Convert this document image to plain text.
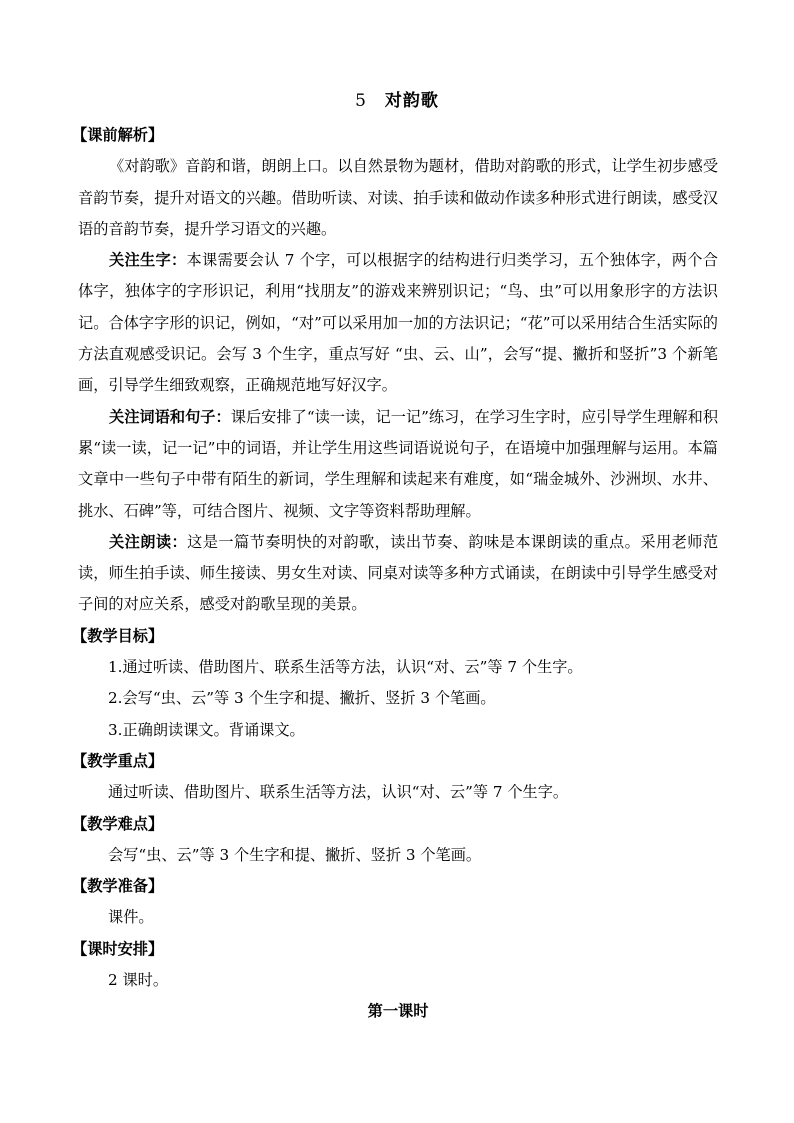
5 对韵歌
【课前解析】
《对韵歌》音韵和谐，朗朗上口。以自然景物为题材，借助对韵歌的形式，让学生初步感受音韵节奏，提升对语文的兴趣。借助听读、对读、拍手读和做动作读多种形式进行朗读，感受汉语的音韵节奏，提升学习语文的兴趣。
关注生字：本课需要会认 7 个字，可以根据字的结构进行归类学习，五个独体字，两个合体字，独体字的字形识记，利用“找朋友”的游戏来辨别识记；“鸟、虫”可以用象形字的方法识记。合体字字形的识记，例如，“对”可以采用加一加的方法识记；“花”可以采用结合生活实际的方法直观感受识记。会写 3 个生字，重点写好 “虫、云、山”，会写“提、撇折和竖折”3 个新笔画，引导学生细致观察，正确规范地写好汉字。
关注词语和句子：课后安排了“读一读，记一记”练习，在学习生字时，应引导学生理解和积累“读一读，记一记”中的词语，并让学生用这些词语说说句子，在语境中加强理解与运用。本篇文章中一些句子中带有陌生的新词，学生理解和读起来有难度，如“瑞金城外、沙洲坝、水井、挑水、石碑”等，可结合图片、视频、文字等资料帮助理解。
关注朗读：这是一篇节奏明快的对韵歌，读出节奏、韵味是本课朗读的重点。采用老师范读，师生拍手读、师生接读、男女生对读、同桌对读等多种方式诵读，在朗读中引导学生感受对子间的对应关系，感受对韵歌呈现的美景。
【教学目标】
1.通过听读、借助图片、联系生活等方法，认识“对、云”等 7 个生字。
2.会写“虫、云”等 3 个生字和提、撇折、竖折 3 个笔画。
3.正确朗读课文。背诵课文。
【教学重点】
通过听读、借助图片、联系生活等方法，认识“对、云”等 7 个生字。
【教学难点】
会写“虫、云”等 3 个生字和提、撇折、竖折 3 个笔画。
【教学准备】
课件。
【课时安排】
2 课时。
第一课时
